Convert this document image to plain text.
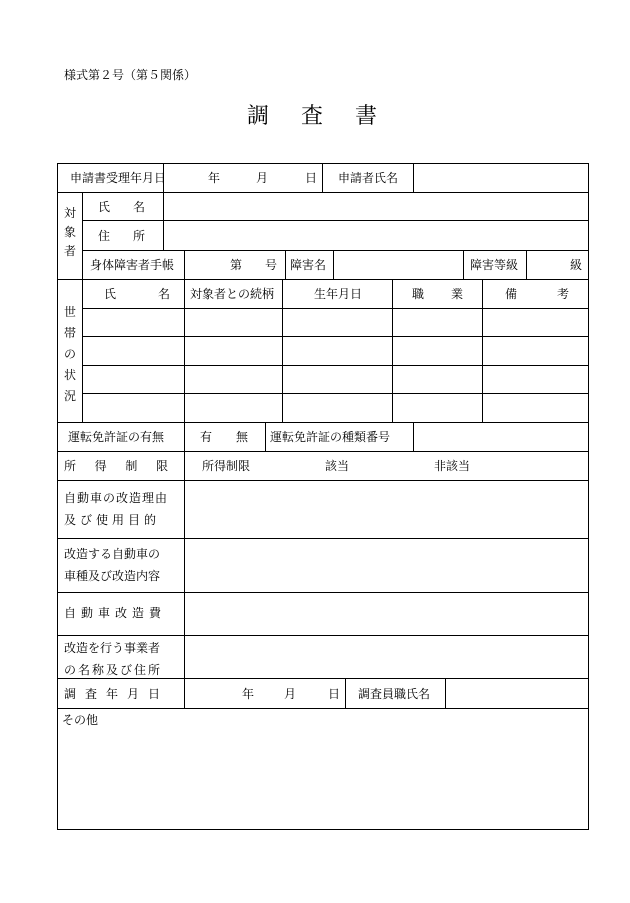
様式第２号（第５関係）
調 査 書
申請書受理年月日	年	月	日 申請者氏名
対
象
者
氏 名
住 所
身体障害者手帳	第 号 障害名	障害等級	級
世
帯
の
状
況
氏	名 対象者との続柄	生年月日	職 業	備	考
運転免許証の有無	有 無 運転免許証の種類番号
所 得 制 限	所得制限	該当	非該当
自動車の改造理由
及び使用目的
改造する自動車の
車種及び改造内容
自動車改造費
改造を行う事業者
の名称及び住所
調査年月日	年 月	日 調査員職氏名
その他
